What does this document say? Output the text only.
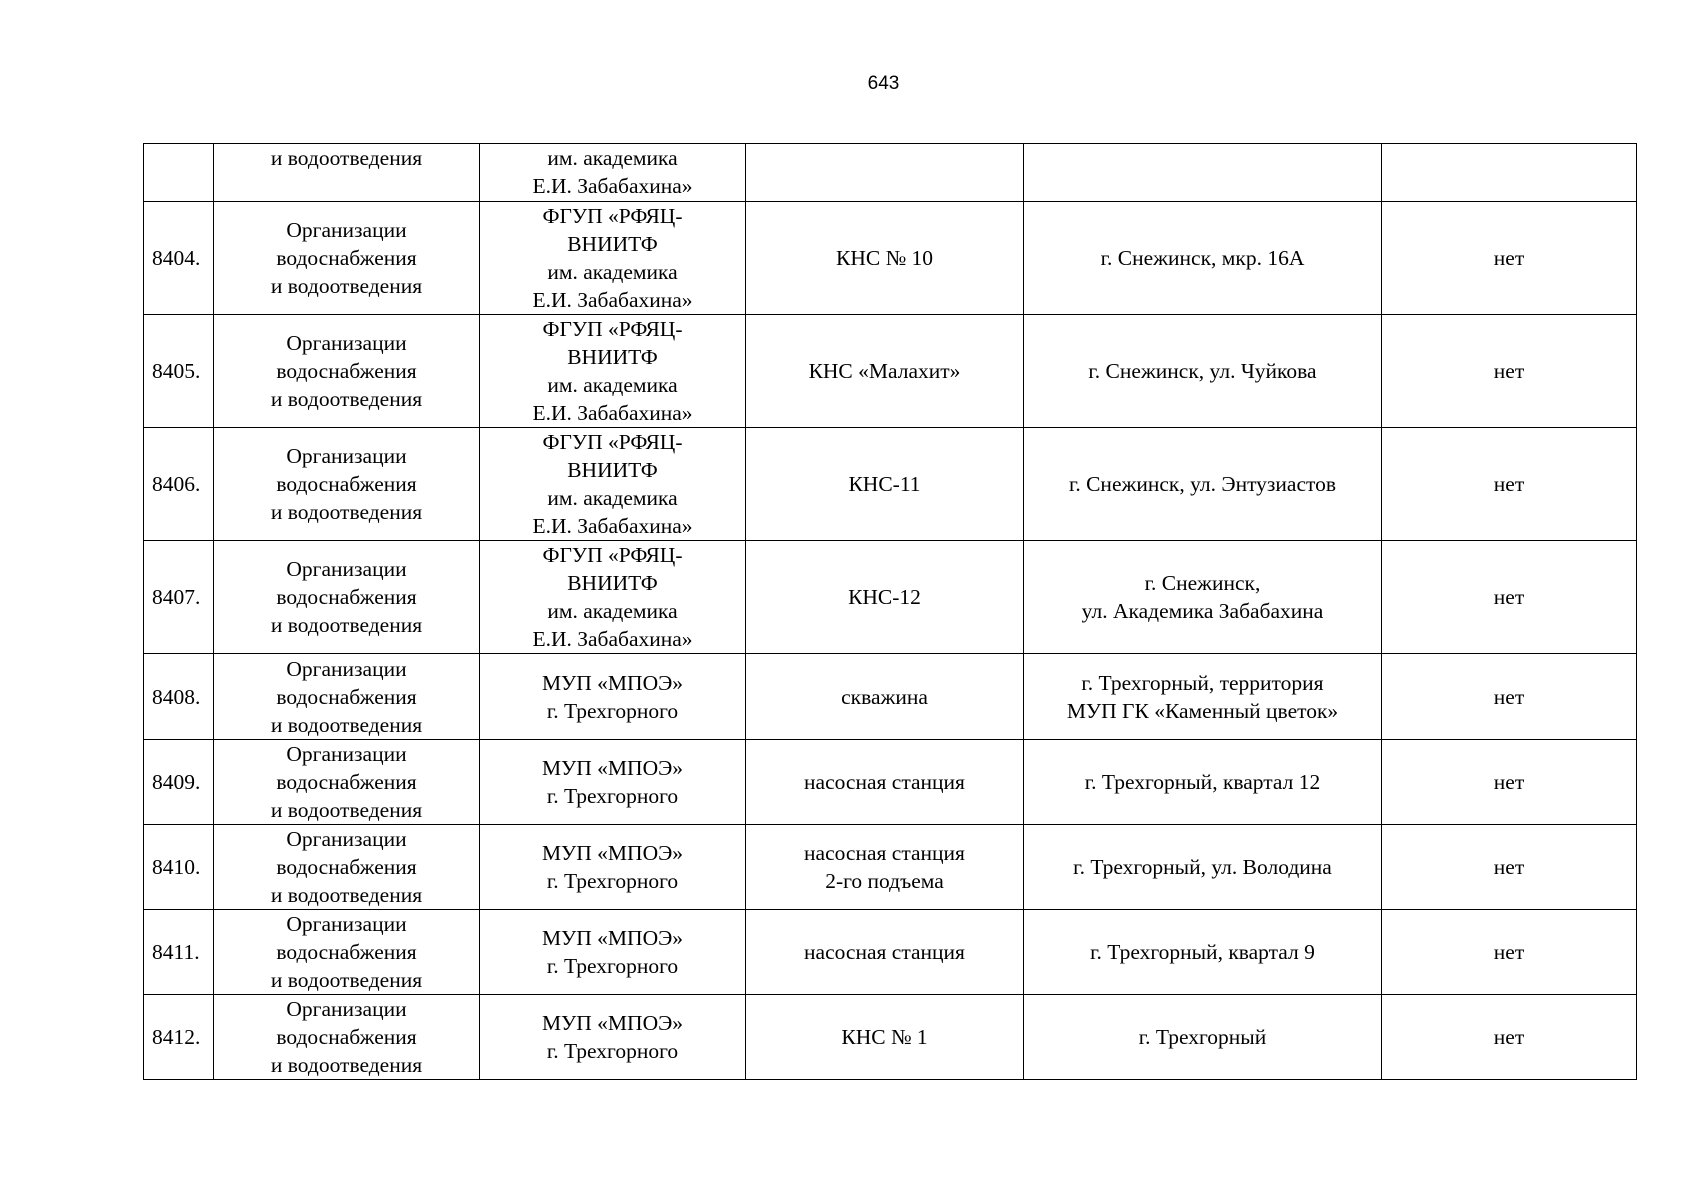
643

	и водоотведения	им. академика
Е.И. Забабахина»			

8404.	Организации
водоснабжения
и водоотведения	ФГУП «РФЯЦ-
ВНИИТФ
им. академика
Е.И. Забабахина»	КНС № 10	г. Снежинск, мкр. 16А	нет
8405.	Организации
водоснабжения
и водоотведения	ФГУП «РФЯЦ-
ВНИИТФ
им. академика
Е.И. Забабахина»	КНС «Малахит»	г. Снежинск, ул. Чуйкова	нет
8406.	Организации
водоснабжения
и водоотведения	ФГУП «РФЯЦ-
ВНИИТФ
им. академика
Е.И. Забабахина»	КНС-11	г. Снежинск, ул. Энтузиастов	нет
8407.	Организации
водоснабжения
и водоотведения	ФГУП «РФЯЦ-
ВНИИТФ
им. академика
Е.И. Забабахина»	КНС-12	г. Снежинск,
ул. Академика Забабахина	нет
8408.	Организации
водоснабжения
и водоотведения	МУП «МПОЭ»
г. Трехгорного	скважина	г. Трехгорный, территория
МУП ГК «Каменный цветок»	нет
8409.	Организации
водоснабжения
и водоотведения	МУП «МПОЭ»
г. Трехгорного	насосная станция	г. Трехгорный, квартал 12	нет
8410.	Организации
водоснабжения
и водоотведения	МУП «МПОЭ»
г. Трехгорного	насосная станция
2-го подъема	г. Трехгорный, ул. Володина	нет
8411.	Организации
водоснабжения
и водоотведения	МУП «МПОЭ»
г. Трехгорного	насосная станция	г. Трехгорный, квартал 9	нет
8412.	Организации
водоснабжения
и водоотведения	МУП «МПОЭ»
г. Трехгорного	КНС № 1	г. Трехгорный	нет
